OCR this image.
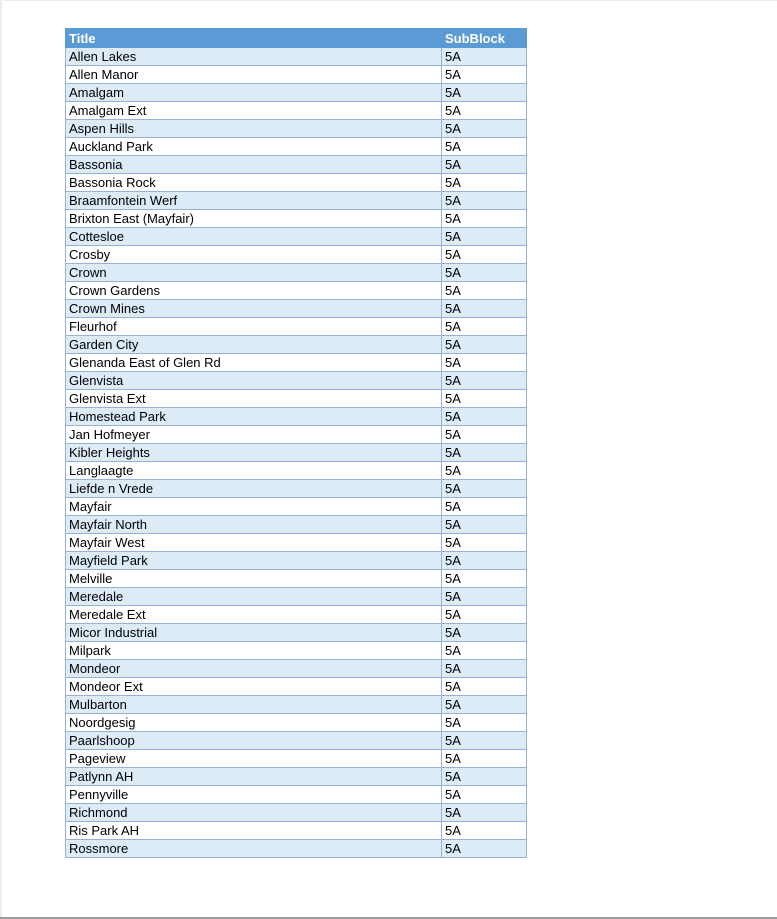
Title	SubBlock
Allen Lakes	5A
Allen Manor	5A
Amalgam	5A
Amalgam Ext	5A
Aspen Hills	5A
Auckland Park	5A
Bassonia	5A
Bassonia Rock	5A
Braamfontein Werf	5A
Brixton East (Mayfair)	5A
Cottesloe	5A
Crosby	5A
Crown	5A
Crown Gardens	5A
Crown Mines	5A
Fleurhof	5A
Garden City	5A
Glenanda East of Glen Rd	5A
Glenvista	5A
Glenvista Ext	5A
Homestead Park	5A
Jan Hofmeyer	5A
Kibler Heights	5A
Langlaagte	5A
Liefde n Vrede	5A
Mayfair	5A
Mayfair North	5A
Mayfair West	5A
Mayfield Park	5A
Melville	5A
Meredale	5A
Meredale Ext	5A
Micor Industrial	5A
Milpark	5A
Mondeor	5A
Mondeor Ext	5A
Mulbarton	5A
Noordgesig	5A
Paarlshoop	5A
Pageview	5A
Patlynn AH	5A
Pennyville	5A
Richmond	5A
Ris Park AH	5A
Rossmore	5A
